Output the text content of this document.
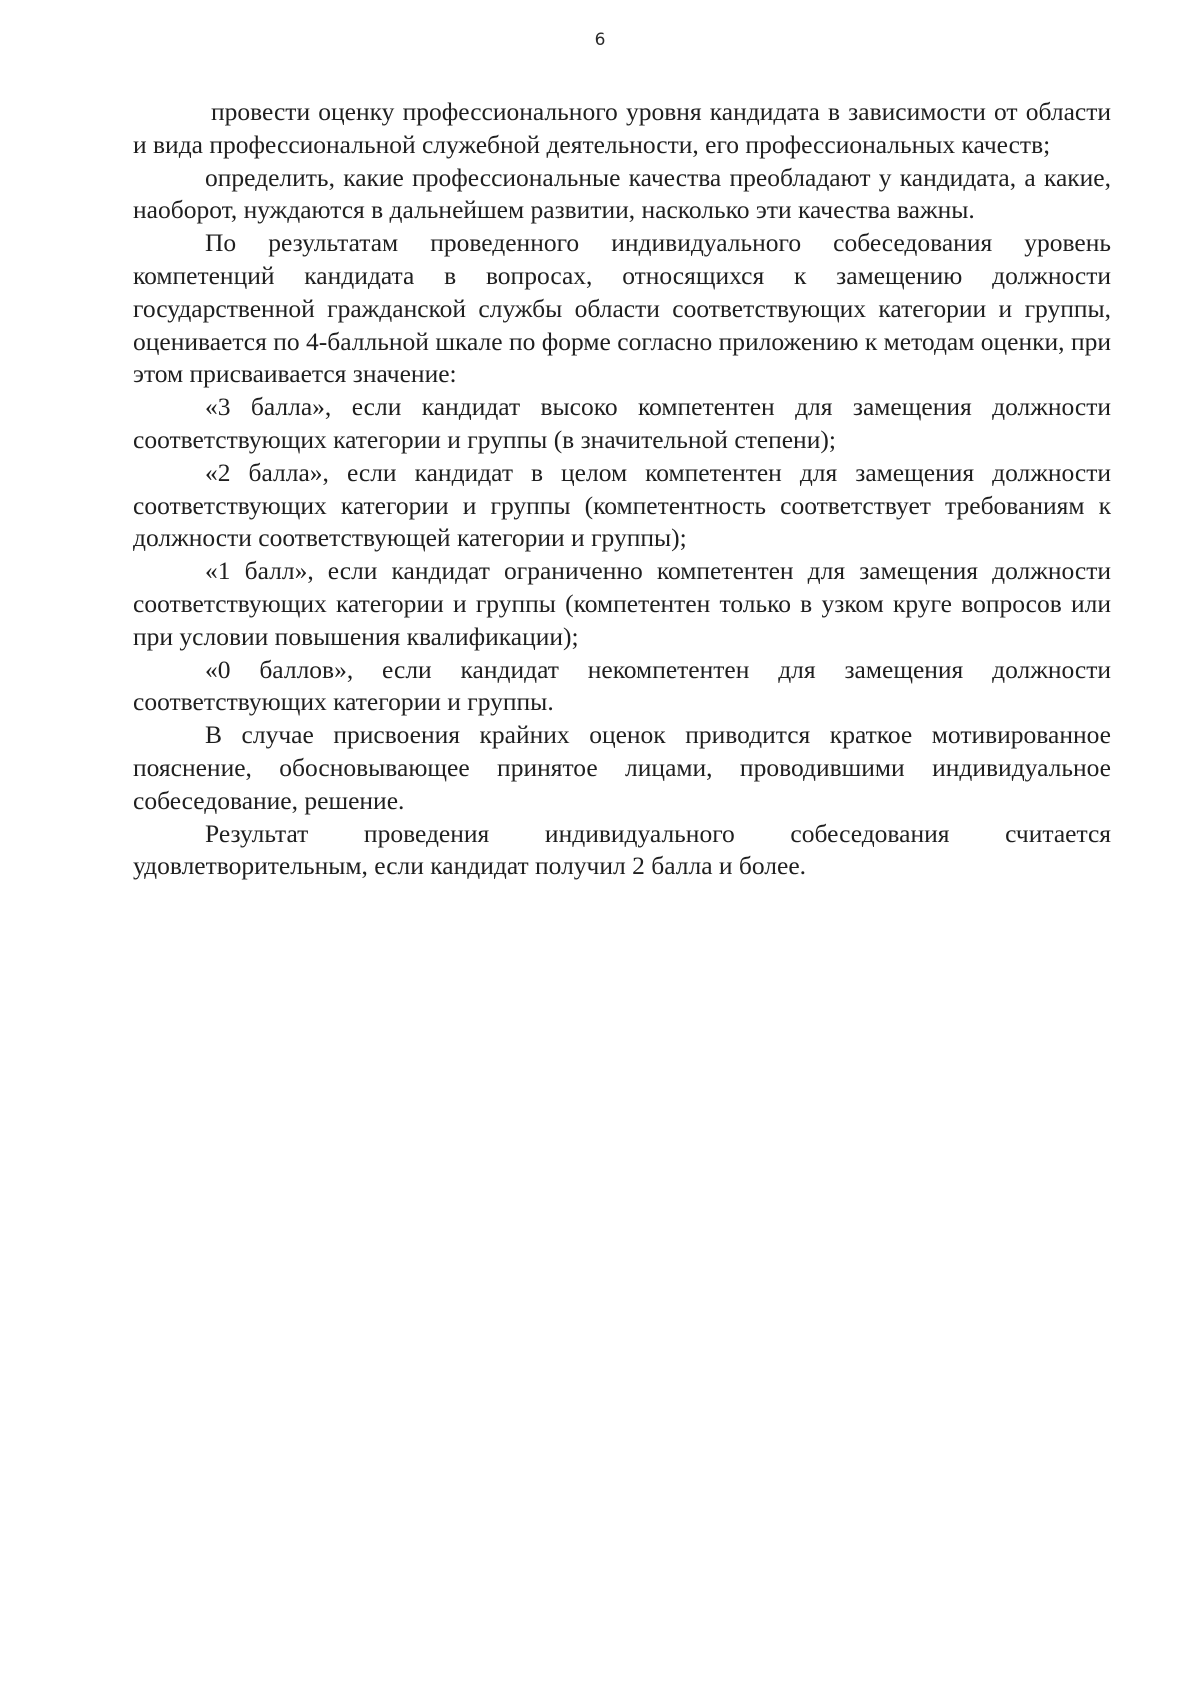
6

провести оценку профессионального уровня кандидата в зависимости от области и вида профессиональной служебной деятельности, его профессиональных качеств;

определить, какие профессиональные качества преобладают у кандидата, а какие, наоборот, нуждаются в дальнейшем развитии, насколько эти качества важны.

По результатам проведенного индивидуального собеседования уровень компетенций кандидата в вопросах, относящихся к замещению должности государственной гражданской службы области соответствующих категории и группы, оценивается по 4-балльной шкале по форме согласно приложению к методам оценки, при этом присваивается значение:

«3 балла», если кандидат высоко компетентен для замещения должности соответствующих категории и группы (в значительной степени);

«2 балла», если кандидат в целом компетентен для замещения должности соответствующих категории и группы (компетентность соответствует требованиям к должности соответствующей категории и группы);

«1 балл», если кандидат ограниченно компетентен для замещения должности соответствующих категории и группы (компетентен только в узком круге вопросов или при условии повышения квалификации);

«0 баллов», если кандидат некомпетентен для замещения должности соответствующих категории и группы.

В случае присвоения крайних оценок приводится краткое мотивированное пояснение, обосновывающее принятое лицами, проводившими индивидуальное собеседование, решение.

Результат проведения индивидуального собеседования считается удовлетворительным, если кандидат получил 2 балла и более.
